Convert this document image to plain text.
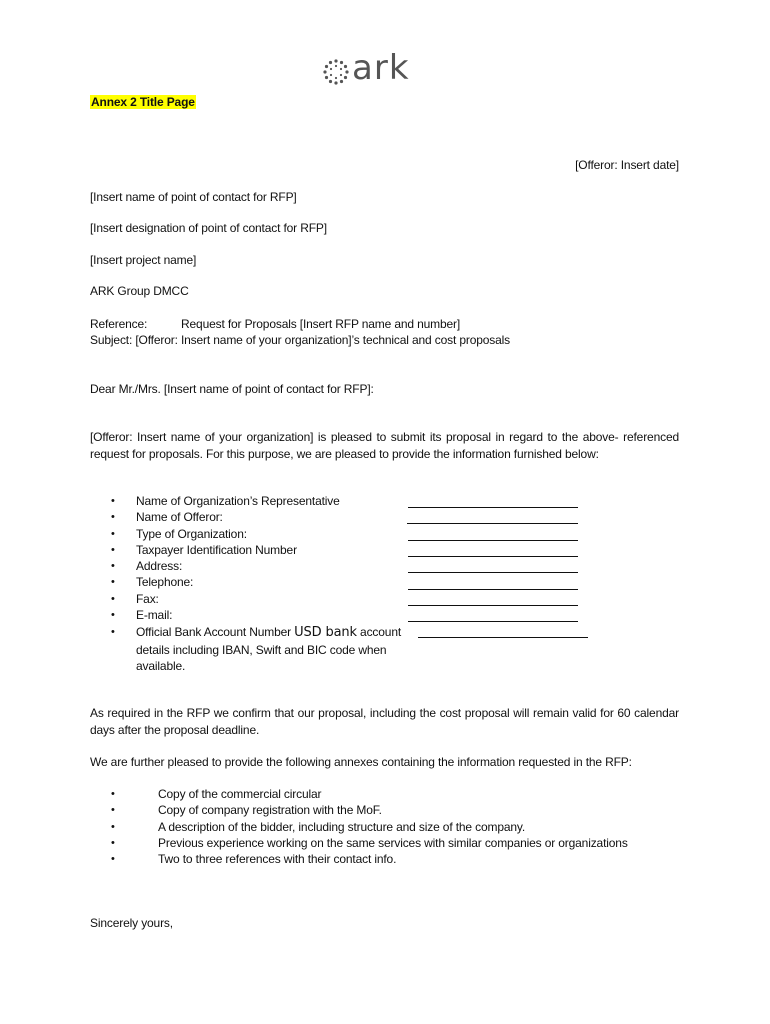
ark
Annex 2 Title Page
[Offeror: Insert date]
[Insert name of point of contact for RFP]
[Insert designation of point of contact for RFP]
[Insert project name]
ARK Group DMCC
Reference:	Request for Proposals [Insert RFP name and number]
Subject: [Offeror: Insert name of your organization]’s technical and cost proposals
Dear Mr./Mrs. [Insert name of point of contact for RFP]:
[Offeror: Insert name of your organization] is pleased to submit its proposal in regard to the above- referenced request for proposals. For this purpose, we are pleased to provide the information furnished below:
• Name of Organization’s Representative
• Name of Offeror:
• Type of Organization:
• Taxpayer Identification Number
• Address:
• Telephone:
• Fax:
• E-mail:
• Official Bank Account Number USD bank account
details including IBAN, Swift and BIC code when
available.
As required in the RFP we confirm that our proposal, including the cost proposal will remain valid for 60 calendar days after the proposal deadline.
We are further pleased to provide the following annexes containing the information requested in the RFP:
•	Copy of the commercial circular
•	Copy of company registration with the MoF.
•	A description of the bidder, including structure and size of the company.
•	Previous experience working on the same services with similar companies or organizations
•	Two to three references with their contact info.
Sincerely yours,
